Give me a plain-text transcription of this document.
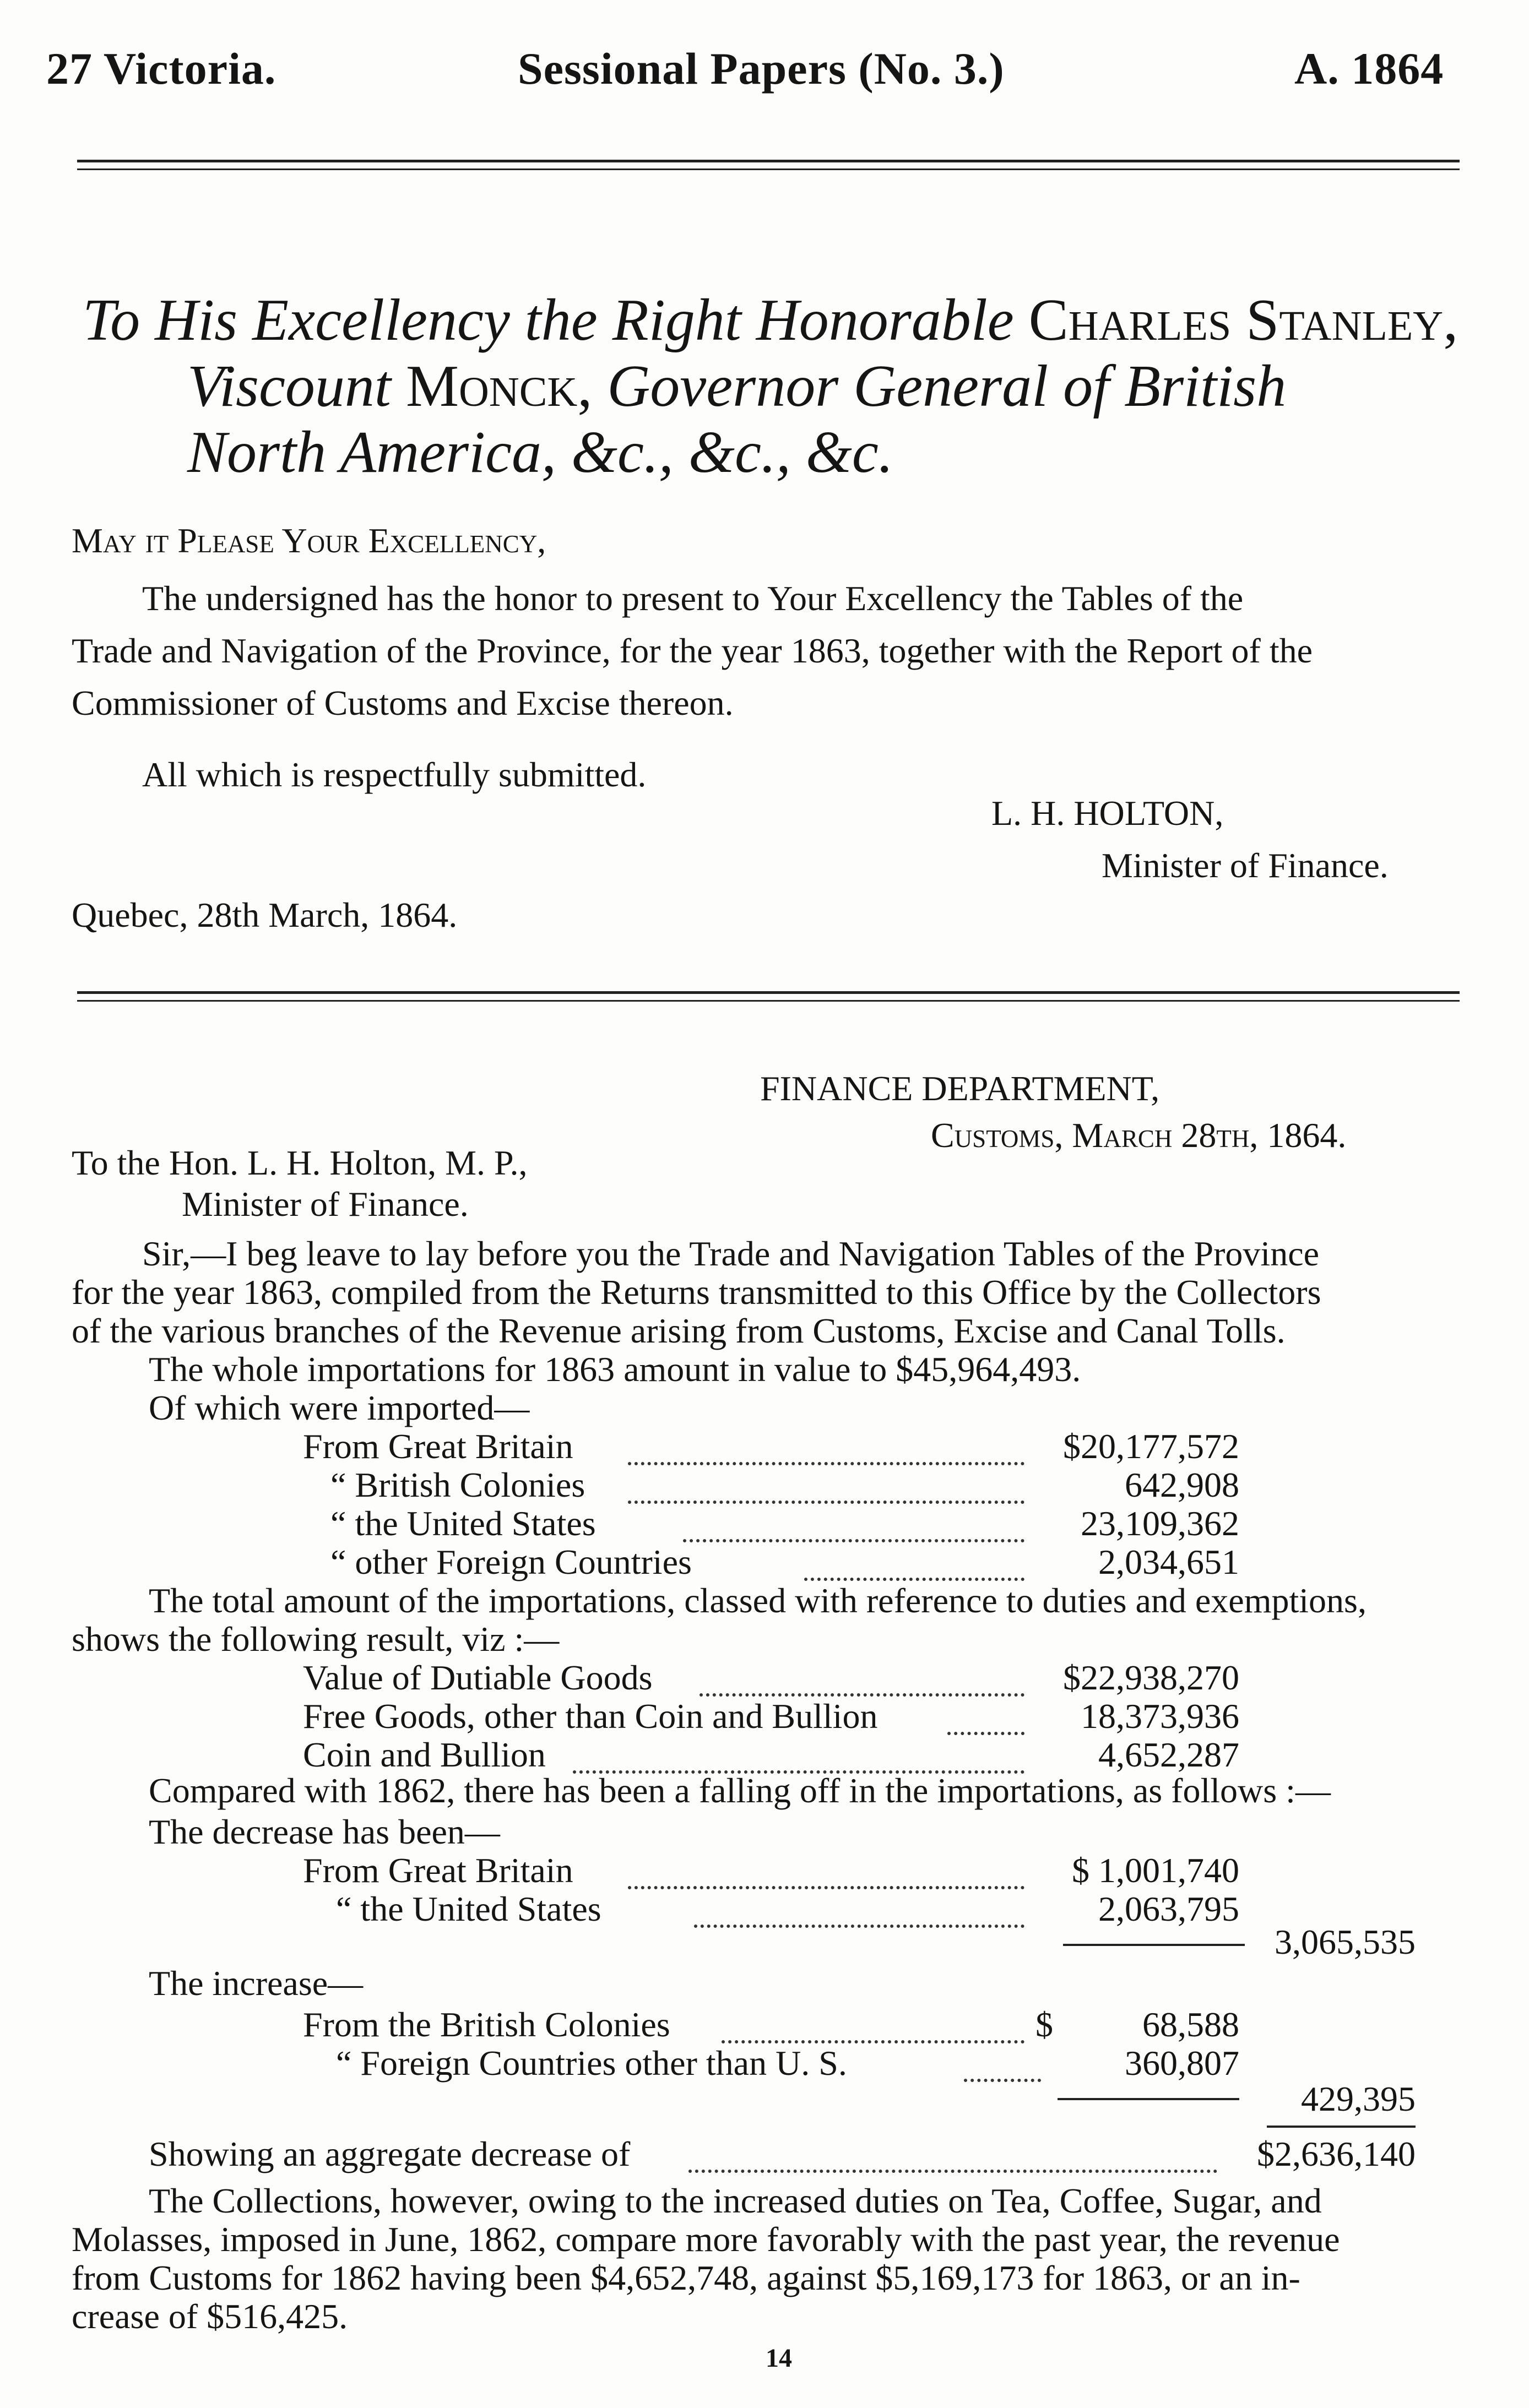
27 Victoria.	Sessional Papers (No. 3.)	A. 1864
To His Excellency the Right Honorable Charles Stanley,
Viscount Monck, Governor General of British
North America, &c., &c., &c.
May it Please Your Excellency,
The undersigned has the honor to present to Your Excellency the Tables of the
Trade and Navigation of the Province, for the year 1863, together with the Report of the
Commissioner of Customs and Excise thereon.
All which is respectfully submitted.
L. H. HOLTON,
Minister of Finance.
Quebec, 28th March, 1864.
FINANCE DEPARTMENT,
Customs, March 28th, 1864.
To the Hon. L. H. Holton, M. P.,
Minister of Finance.
Sir,—I beg leave to lay before you the Trade and Navigation Tables of the Province
for the year 1863, compiled from the Returns transmitted to this Office by the Collectors
of the various branches of the Revenue arising from Customs, Excise and Canal Tolls.
The whole importations for 1863 amount in value to $45,964,493.
Of which were imported—
From Great Britain	$20,177,572
“ British Colonies	642,908
“ the United States	23,109,362
“ other Foreign Countries	2,034,651
The total amount of the importations, classed with reference to duties and exemptions,
shows the following result, viz :—
Value of Dutiable Goods	$22,938,270
Free Goods, other than Coin and Bullion	18,373,936
Coin and Bullion	4,652,287
Compared with 1862, there has been a falling off in the importations, as follows :—
The decrease has been—
From Great Britain	$ 1,001,740
“ the United States	2,063,795
3,065,535
The increase—
From the British Colonies	$	68,588
“ Foreign Countries other than U. S.	360,807
429,395
Showing an aggregate decrease of	$2,636,140
The Collections, however, owing to the increased duties on Tea, Coffee, Sugar, and
Molasses, imposed in June, 1862, compare more favorably with the past year, the revenue
from Customs for 1862 having been $4,652,748, against $5,169,173 for 1863, or an in-
crease of $516,425.
14
